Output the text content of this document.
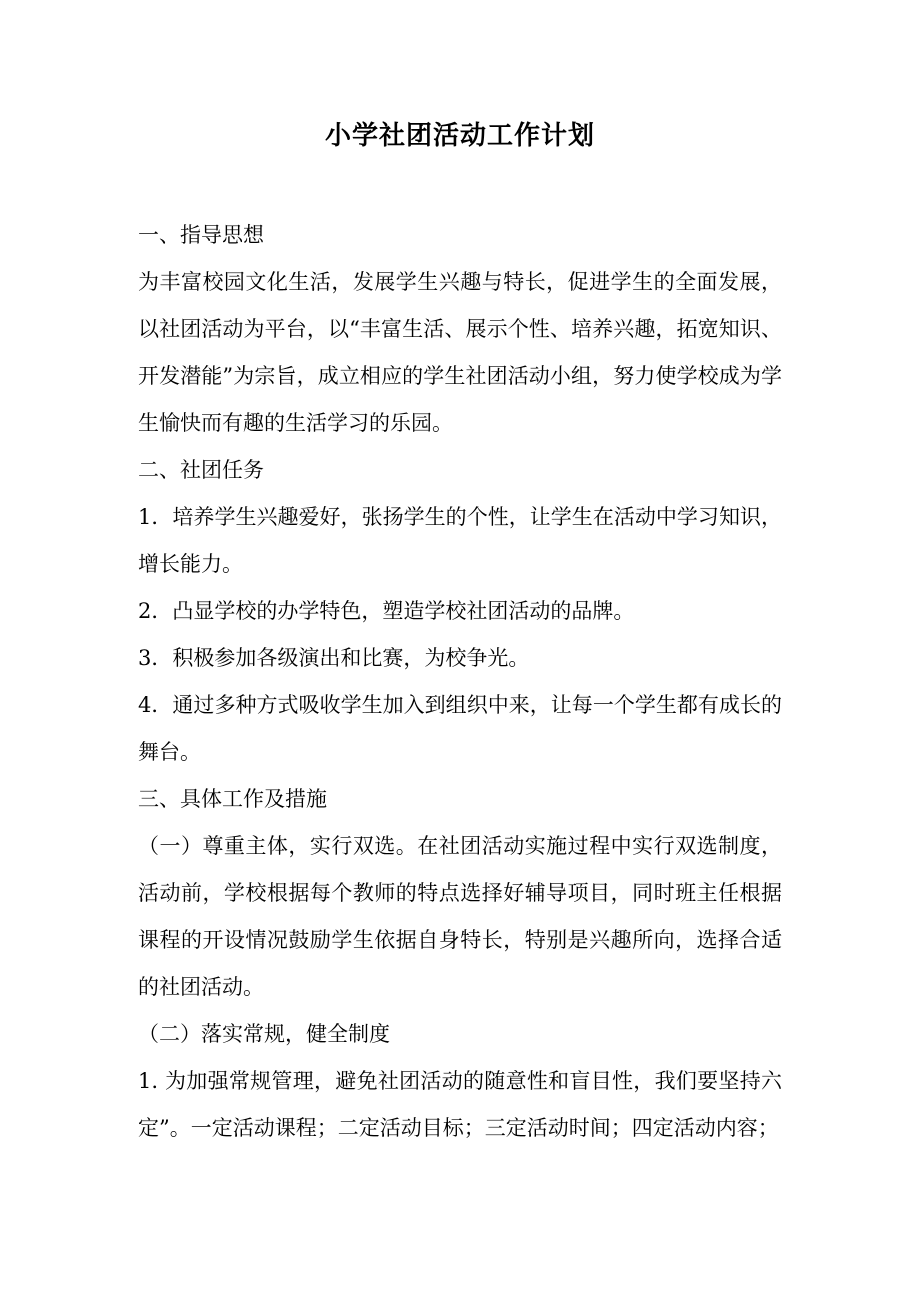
小学社团活动工作计划

一、指导思想

为丰富校园文化生活，发展学生兴趣与特长，促进学生的全面发展，以社团活动为平台，以“丰富生活、展示个性、培养兴趣，拓宽知识、开发潜能”为宗旨，成立相应的学生社团活动小组，努力使学校成为学生愉快而有趣的生活学习的乐园。

二、社团任务

1．培养学生兴趣爱好，张扬学生的个性，让学生在活动中学习知识，增长能力。

2．凸显学校的办学特色，塑造学校社团活动的品牌。

3．积极参加各级演出和比赛，为校争光。

4．通过多种方式吸收学生加入到组织中来，让每一个学生都有成长的舞台。

三、具体工作及措施

（一）尊重主体，实行双选。在社团活动实施过程中实行双选制度，活动前，学校根据每个教师的特点选择好辅导项目，同时班主任根据课程的开设情况鼓励学生依据自身特长，特别是兴趣所向，选择合适的社团活动。

（二）落实常规，健全制度

1. 为加强常规管理，避免社团活动的随意性和盲目性，我们要坚持六定”。一定活动课程；二定活动目标；三定活动时间；四定活动内容；
